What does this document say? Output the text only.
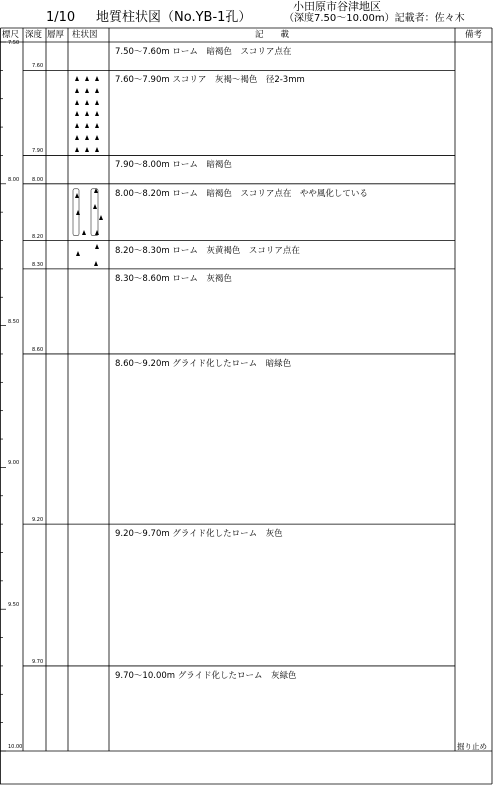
1/10 地質柱状図（No.YB-1孔）
小田原市谷津地区
（深度7.50～10.00m）記載者：佐々木
標尺 深度 層厚 柱状図	記　　載	備考
7.60
7.50～7.60m ローム　暗褐色　スコリア点在
7.90
7.60～7.90m スコリア　灰褐～褐色　径2-3mm
8.00
7.90～8.00m ローム　暗褐色
8.20
8.00～8.20m ローム　暗褐色　スコリア点在　やや風化している
8.30
8.20～8.30m ローム　灰黄褐色　スコリア点在
8.60
8.30～8.60m ローム　灰褐色
9.20
8.60～9.20m グライド化したローム　暗緑色
9.70
9.20～9.70m グライド化したローム　灰色
9.70～10.00m グライド化したローム　灰緑色
掘り止め
7.50
8.00
8.50
9.00
9.50
10.00
